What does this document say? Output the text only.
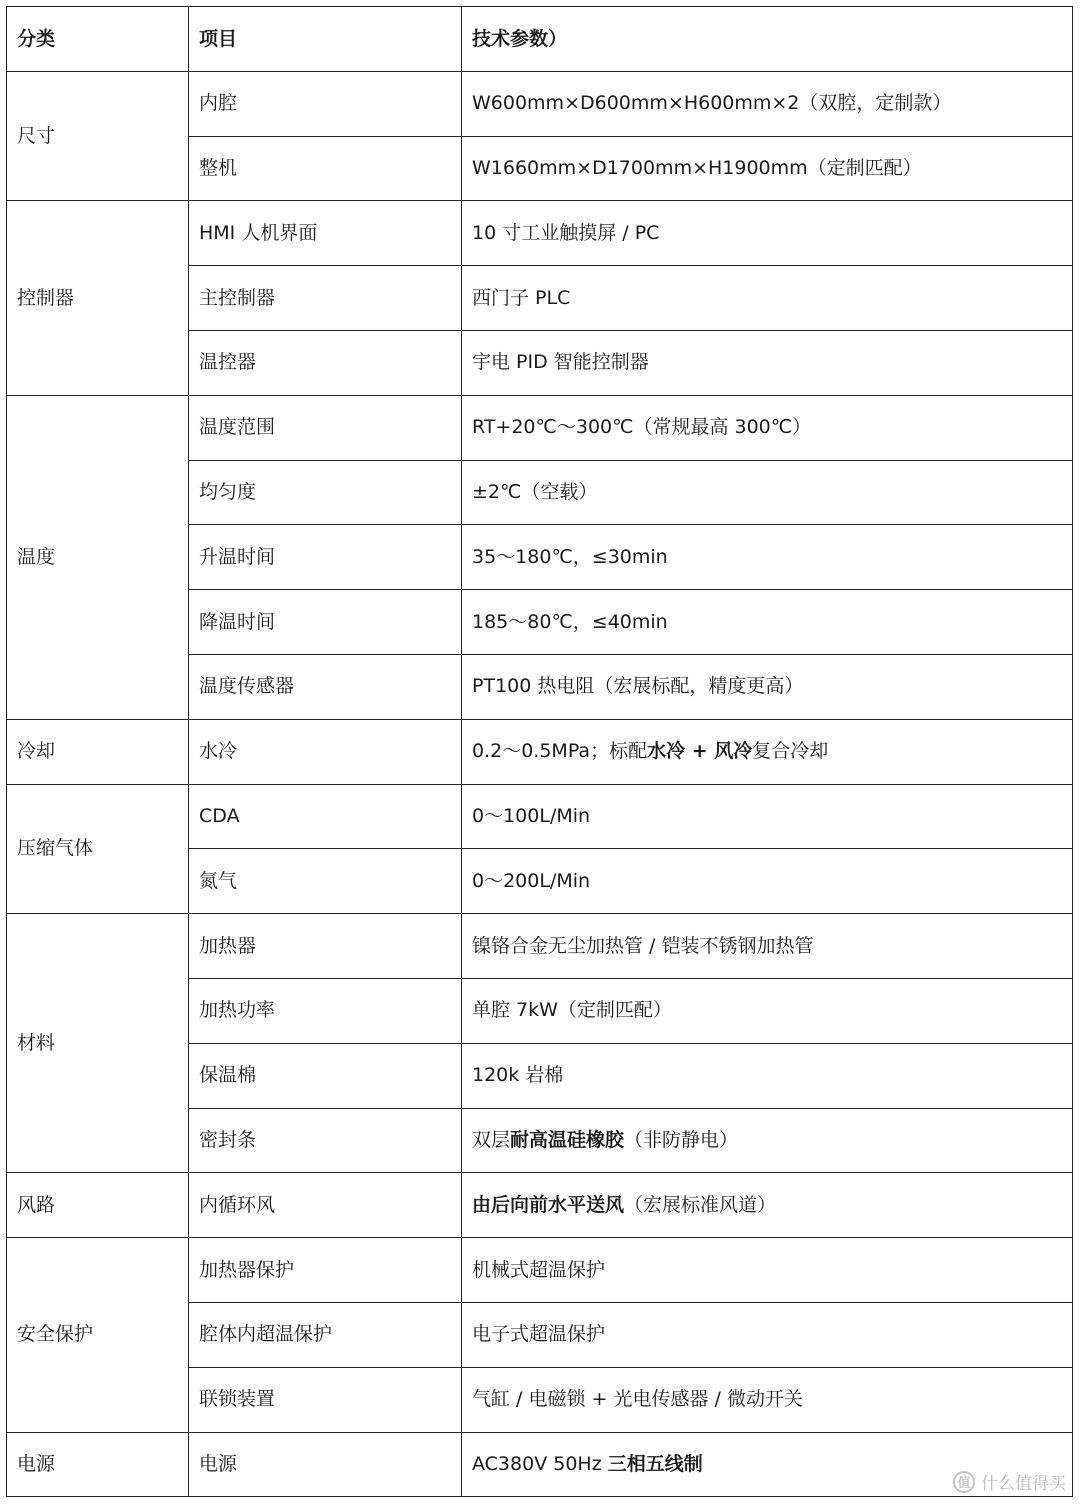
分类	项目	技术参数）
尺寸	内腔	W600mm×D600mm×H600mm×2（双腔，定制款）
	整机	W1660mm×D1700mm×H1900mm（定制匹配）
控制器	HMI 人机界面	10 寸工业触摸屏 / PC
	主控制器	西门子 PLC
	温控器	宇电 PID 智能控制器
温度	温度范围	RT+20℃～300℃（常规最高 300℃）
	均匀度	±2℃（空载）
	升温时间	35～180℃，≤30min
	降温时间	185～80℃，≤40min
	温度传感器	PT100 热电阻（宏展标配，精度更高）
冷却	水冷	0.2～0.5MPa；标配水冷 + 风冷复合冷却
压缩气体	CDA	0～100L/Min
	氮气	0～200L/Min
材料	加热器	镍铬合金无尘加热管 / 铠装不锈钢加热管
	加热功率	单腔 7kW（定制匹配）
	保温棉	120k 岩棉
	密封条	双层耐高温硅橡胶（非防静电）
风路	内循环风	由后向前水平送风（宏展标准风道）
安全保护	加热器保护	机械式超温保护
	腔体内超温保护	电子式超温保护
	联锁装置	气缸 / 电磁锁 + 光电传感器 / 微动开关
电源	电源	AC380V 50Hz 三相五线制
值 什么值得买
